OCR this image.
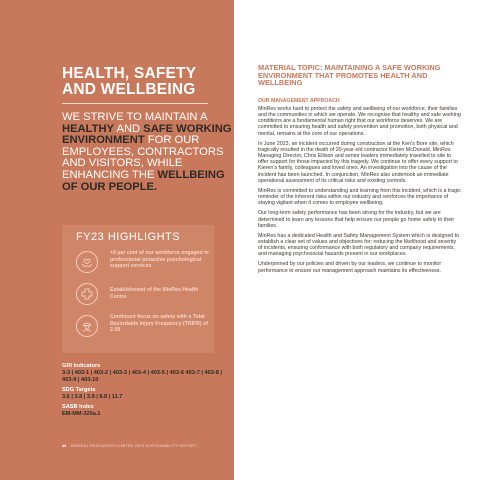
HEALTH, SAFETY
AND WELLBEING
WE STRIVE TO MAINTAIN A HEALTHY AND SAFE WORKING ENVIRONMENT FOR OUR EMPLOYEES, CONTRACTORS AND VISITORS, WHILE ENHANCING THE WELLBEING OF OUR PEOPLE.
FY23 HIGHLIGHTS
+9 per cent of our workforce engaged in professional proactive psychological support services
Establishment of the MinRes Health Centre
Continued focus on safety with a Total Recordable Injury Frequency (TRIFR) of 2.08
GRI Indicators
3-3 | 403-1 | 403-2 | 403-3 | 403-4 | 403-5 | 403-6 403-7 | 403-8 | 403-9 | 403-10
SDG Targets
3.6 | 3.8 | 3.9 | 8.8 | 11.7
SASB Index
EM-MM-320a.1
46 MINERAL RESOURCES LIMITED 2023 SUSTAINABILITY REPORT
MATERIAL TOPIC: MAINTAINING A SAFE WORKING ENVIRONMENT THAT PROMOTES HEALTH AND WELLBEING
OUR MANAGEMENT APPROACH

MinRes works hard to protect the safety and wellbeing of our workforce, their families and the communities in which we operate. We recognise that healthy and safe working conditions are a fundamental human right that our workforce deserves. We are committed to ensuring health and safety prevention and promotion, both physical and mental, remains at the core of our operations.

In June 2023, an incident occurred during construction at the Ken’s Bore site, which tragically resulted in the death of 20-year-old contractor Kieren McDonald. MinRes Managing Director, Chris Ellison and senior leaders immediately travelled to site to offer support for those impacted by this tragedy. We continue to offer every support to Kieren’s family, colleagues and loved ones. An investigation into the cause of the incident has been launched. In conjunction, MinRes also undertook an immediate operational assessment of its critical risks and existing controls.

MinRes is committed to understanding and learning from this incident, which is a tragic reminder of the inherent risks within our industry and reinforces the importance of staying vigilant when it comes to employee wellbeing.

Our long-term safety performance has been strong for the industry, but we are determined to learn any lessons that help ensure our people go home safely to their families.

MinRes has a dedicated Health and Safety Management System which is designed to establish a clear set of values and objectives for; reducing the likelihood and severity of incidents, ensuring conformance with both regulatory and company requirements, and managing psychosocial hazards present in our workplaces.

Underpinned by our policies and driven by our leaders, we continue to monitor performance to ensure our management approach maintains its effectiveness.
